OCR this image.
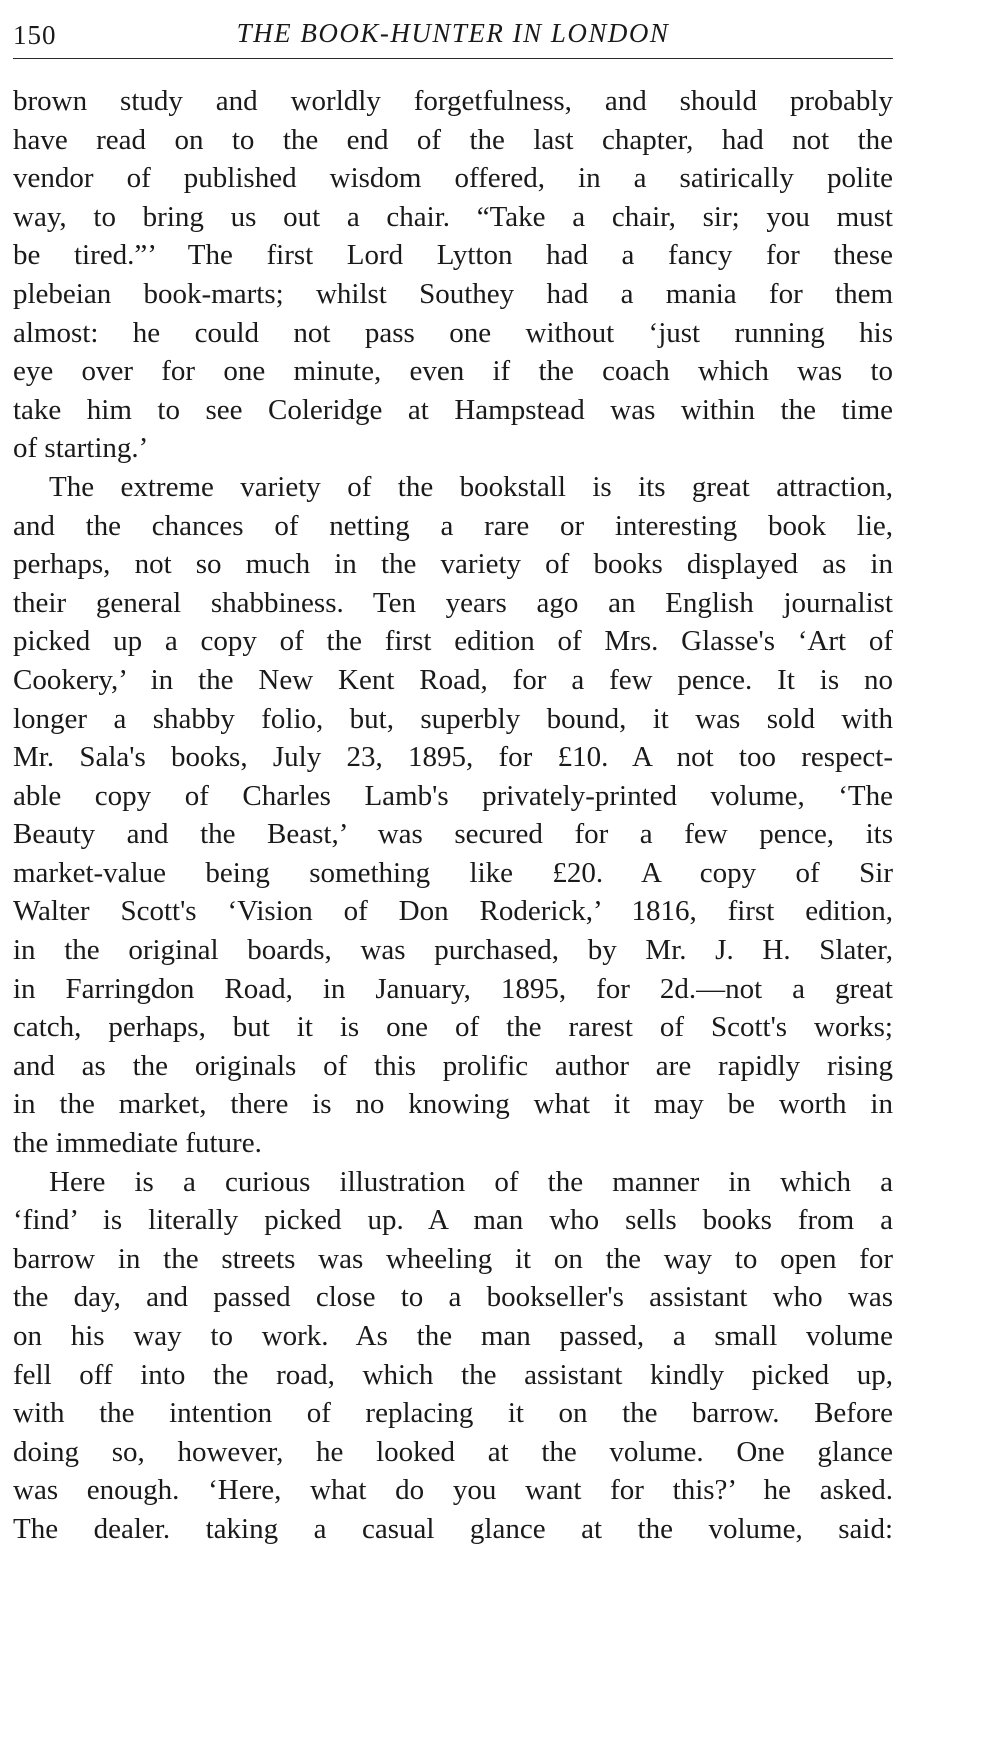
150	THE BOOK-HUNTER IN LONDON
brown study and worldly forgetfulness, and should probably
have read on to the end of the last chapter, had not the
vendor of published wisdom offered, in a satirically polite
way, to bring us out a chair. “Take a chair, sir; you must
be tired.”’ The first Lord Lytton had a fancy for these
plebeian book-marts; whilst Southey had a mania for them
almost: he could not pass one without ‘just running his
eye over for one minute, even if the coach which was to
take him to see Coleridge at Hampstead was within the time
of starting.’
The extreme variety of the bookstall is its great attraction,
and the chances of netting a rare or interesting book lie,
perhaps, not so much in the variety of books displayed as in
their general shabbiness. Ten years ago an English journalist
picked up a copy of the first edition of Mrs. Glasse's ‘Art of
Cookery,’ in the New Kent Road, for a few pence. It is no
longer a shabby folio, but, superbly bound, it was sold with
Mr. Sala's books, July 23, 1895, for £10. A not too respect-
able copy of Charles Lamb's privately-printed volume, ‘The
Beauty and the Beast,’ was secured for a few pence, its
market-value being something like £20. A copy of Sir
Walter Scott's ‘Vision of Don Roderick,’ 1816, first edition,
in the original boards, was purchased, by Mr. J. H. Slater,
in Farringdon Road, in January, 1895, for 2d.—not a great
catch, perhaps, but it is one of the rarest of Scott's works;
and as the originals of this prolific author are rapidly rising
in the market, there is no knowing what it may be worth in
the immediate future.
Here is a curious illustration of the manner in which a
‘find’ is literally picked up. A man who sells books from a
barrow in the streets was wheeling it on the way to open for
the day, and passed close to a bookseller's assistant who was
on his way to work. As the man passed, a small volume
fell off into the road, which the assistant kindly picked up,
with the intention of replacing it on the barrow. Before
doing so, however, he looked at the volume. One glance
was enough. ‘Here, what do you want for this?’ he asked.
The dealer. taking a casual glance at the volume, said:
